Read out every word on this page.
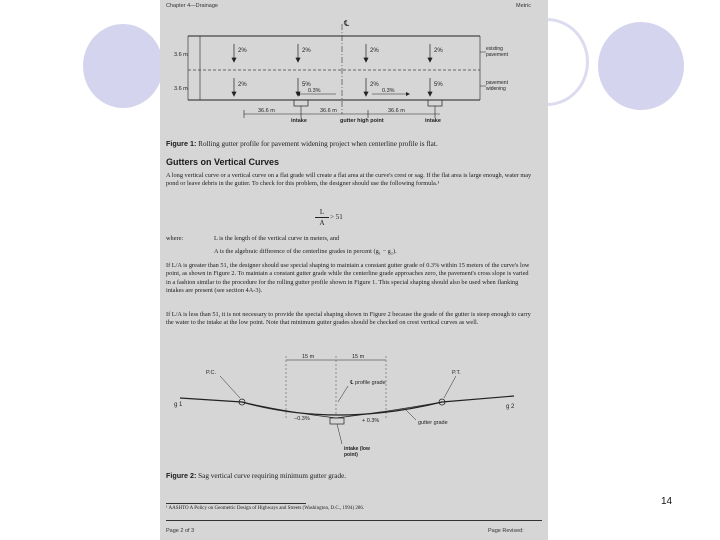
Chapter 4—Drainage	Metric
℄
3.6 m
3.6 m
2%	2%	2%	2%
2%	5%	2%	5%
0.3%	0.3%
36.6 m	36.6 m	36.6 m
intake	gutter high point	intake
existing pavement
pavement widening
Figure 1: Rolling gutter profile for pavement widening project when centerline profile is flat.
Gutters on Vertical Curves
A long vertical curve or a vertical curve on a flat grade will create a flat area at the curve's crest or sag. If the flat area is large enough, water may pond or leave debris in the gutter. To check for this problem, the designer should use the following formula.¹
L
A
> 51
where:	L is the length of the vertical curve in meters, and
A is the algebraic difference of the centerline grades in percent (g₁ − g₂).
If L/A is greater than 51, the designer should use special shaping to maintain a constant gutter grade of 0.3% within 15 meters of the curve's low point, as shown in Figure 2. To maintain a constant gutter grade while the centerline grade approaches zero, the pavement's cross slope is varied in a fashion similar to the procedure for the rolling gutter profile shown in Figure 1. This special shaping should also be used when flanking intakes are present (see section 4A-3).
If L/A is less than 51, it is not necessary to provide the special shaping shown in Figure 2 because the grade of the gutter is steep enough to carry the water to the intake at the low point. Note that minimum gutter grades should be checked on crest vertical curves as well.
15 m	15 m
P.C.	P.T.
g 1	g 2
℄ profile grade
−0.3%	+ 0.3%	gutter grade
intake (low point)
Figure 2: Sag vertical curve requiring minimum gutter grade.
¹ AASHTO A Policy on Geometric Design of Highways and Streets (Washington, D.C., 1994) 286.
Page 2 of 3	Page Revised:
14
